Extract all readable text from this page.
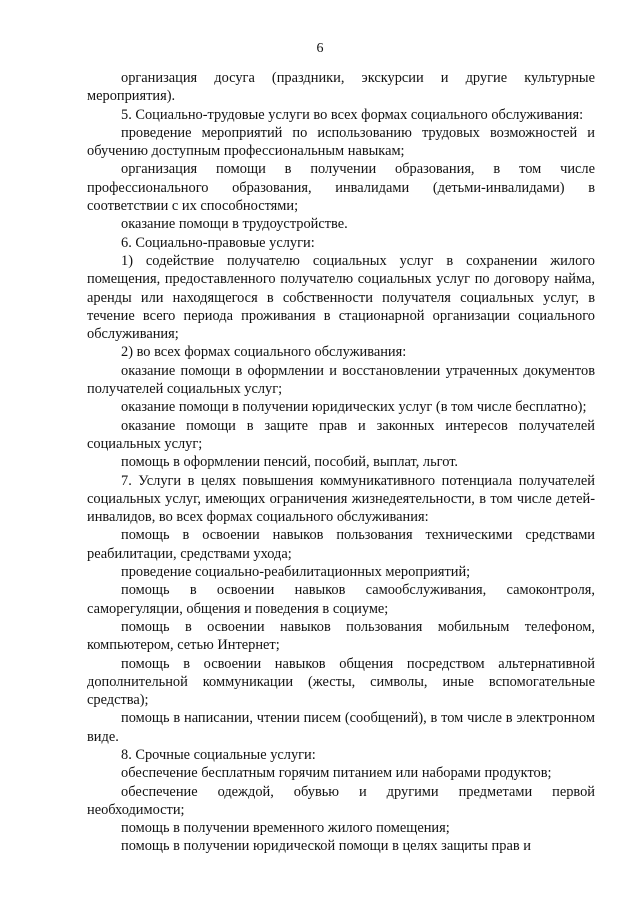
6

организация досуга (праздники, экскурсии и другие культурные мероприятия).

5. Социально-трудовые услуги во всех формах социального обслуживания:

проведение мероприятий по использованию трудовых возможностей и обучению доступным профессиональным навыкам;

организация помощи в получении образования, в том числе профессионального образования, инвалидами (детьми-инвалидами) в соответствии с их способностями;

оказание помощи в трудоустройстве.

6. Социально-правовые услуги:

1) содействие получателю социальных услуг в сохранении жилого помещения, предоставленного получателю социальных услуг по договору найма, аренды или находящегося в собственности получателя социальных услуг, в течение всего периода проживания в стационарной организации социального обслуживания;

2) во всех формах социального обслуживания:

оказание помощи в оформлении и восстановлении утраченных документов получателей социальных услуг;

оказание помощи в получении юридических услуг (в том числе бесплатно);

оказание помощи в защите прав и законных интересов получателей социальных услуг;

помощь в оформлении пенсий, пособий, выплат, льгот.

7. Услуги в целях повышения коммуникативного потенциала получателей социальных услуг, имеющих ограничения жизнедеятельности, в том числе детей-инвалидов, во всех формах социального обслуживания:

помощь в освоении навыков пользования техническими средствами реабилитации, средствами ухода;

проведение социально-реабилитационных мероприятий;

помощь в освоении навыков самообслуживания, самоконтроля, саморегуляции, общения и поведения в социуме;

помощь в освоении навыков пользования мобильным телефоном, компьютером, сетью Интернет;

помощь в освоении навыков общения посредством альтернативной дополнительной коммуникации (жесты, символы, иные вспомогательные средства);

помощь в написании, чтении писем (сообщений), в том числе в электронном виде.

8. Срочные социальные услуги:

обеспечение бесплатным горячим питанием или наборами продуктов;

обеспечение одеждой, обувью и другими предметами первой необходимости;

помощь в получении временного жилого помещения;

помощь в получении юридической помощи в целях защиты прав и
